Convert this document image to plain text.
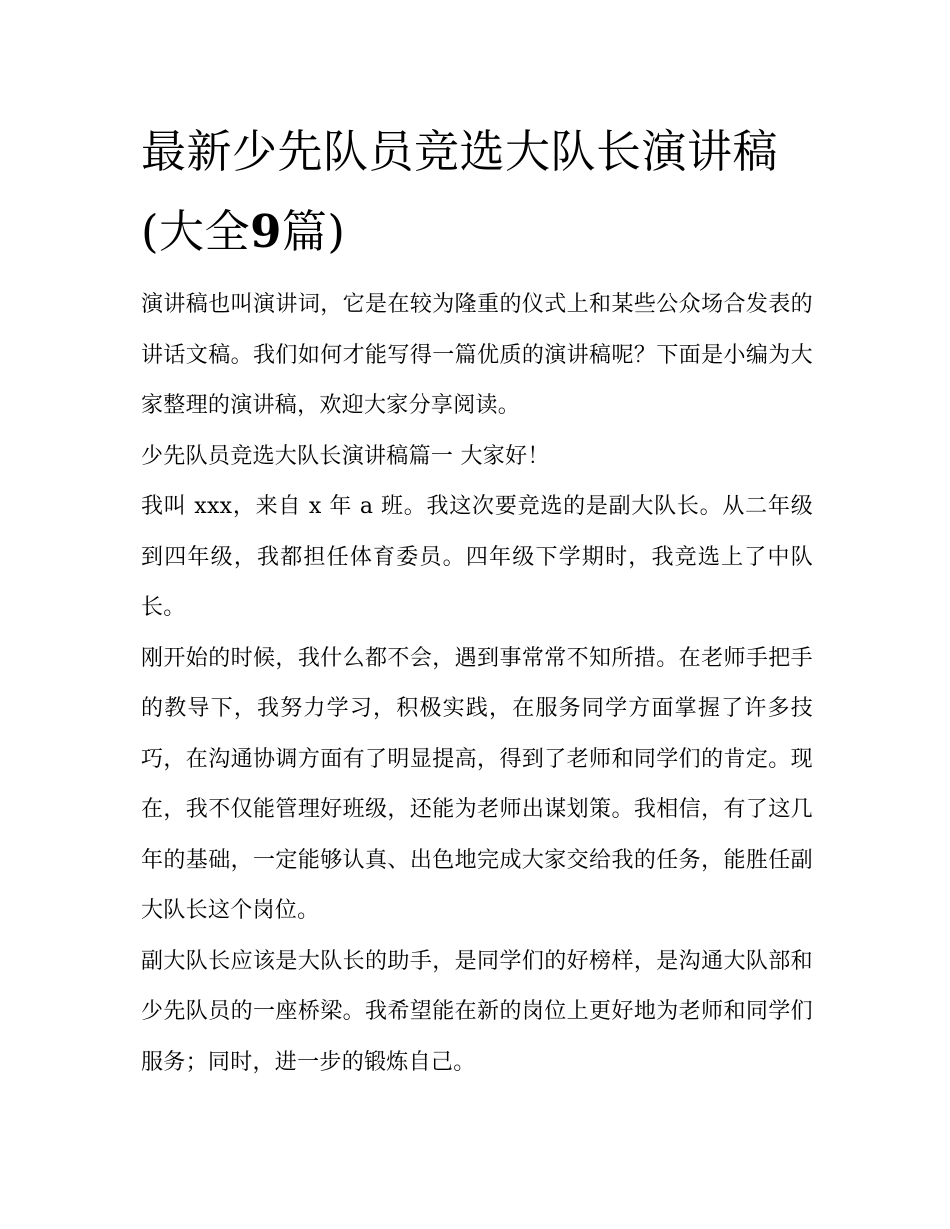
最新少先队员竞选大队长演讲稿(大全9篇)

演讲稿也叫演讲词，它是在较为隆重的仪式上和某些公众场合发表的讲话文稿。我们如何才能写得一篇优质的演讲稿呢？下面是小编为大家整理的演讲稿，欢迎大家分享阅读。

少先队员竞选大队长演讲稿篇一 大家好！

我叫 xxx，来自 x 年 a 班。我这次要竞选的是副大队长。从二年级到四年级，我都担任体育委员。四年级下学期时，我竞选上了中队长。

刚开始的时候，我什么都不会，遇到事常常不知所措。在老师手把手的教导下，我努力学习，积极实践，在服务同学方面掌握了许多技巧，在沟通协调方面有了明显提高，得到了老师和同学们的肯定。现在，我不仅能管理好班级，还能为老师出谋划策。我相信，有了这几年的基础，一定能够认真、出色地完成大家交给我的任务，能胜任副大队长这个岗位。

副大队长应该是大队长的助手，是同学们的好榜样，是沟通大队部和少先队员的一座桥梁。我希望能在新的岗位上更好地为老师和同学们服务；同时，进一步的锻炼自己。
